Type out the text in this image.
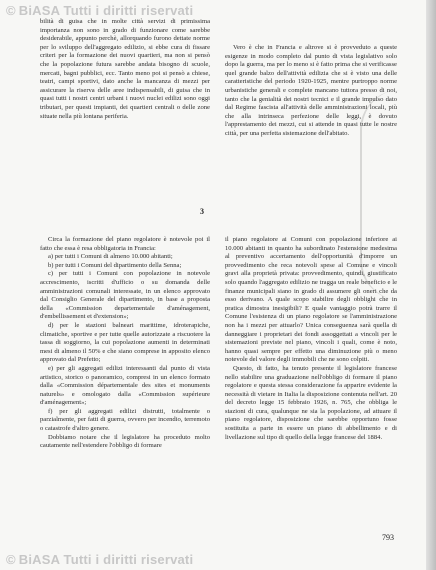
© BiASA Tutti i diritti riservati

bilità di guisa che in molte città servizi di primissima importanza non sono in grado di funzionare come sarebbe desiderabile, appunto perchè, allorquando furono dettate norme per lo sviluppo dell'aggregato edilizio, si ebbe cura di fissare criteri per la formazione dei nuovi quartieri, ma non si pensò che la popolazione futura sarebbe andata bisogno di scuole, mercati, bagni pubblici, ecc. Tanto meno poi si pensò a chiese, teatri, campi sportivi, dato anche la mancanza di mezzi per assicurare la riserva delle aree indispensabili, di guisa che in quasi tutti i nostri centri urbani i nuovi nuclei edilizi sono oggi tributari, per questi impianti, dei quartieri centrali o delle zone situate nella più lontana periferia.

Vero è che in Francia e altrove si è provveduto a queste esigenze in modo completo dal punto di vista legislativo solo dopo la guerra, ma per lo meno si è fatto prima che si verificasse quel grande balzo dell'attività edilizia che si è visto una delle caratteristiche del periodo 1920-1925, mentre purtroppo norme urbanistiche generali e complete mancano tuttora presso di noi, tanto che la genialità dei nostri tecnici e il grande impulso dato dal Regime fascista all'attività delle amministrazioni locali, più che alla intrinseca perfezione delle leggi, è dovuto l'apprestamento dei mezzi, cui si attende in quasi tutte le nostre città, per una perfetta sistemazione dell'abitato.

3

Circa la formazione del piano regolatore è notevole poi il fatto che essa è resa obbligatoria in Francia:

a) per tutti i Comuni di almeno 10.000 abitanti;

b) per tutti i Comuni del dipartimento della Senna;

c) per tutti i Comuni con popolazione in notevole accrescimento, iscritti d'ufficio o su domanda delle amministrazioni comunali interessate, in un elenco approvato dal Consiglio Generale del dipartimento, in base a proposta della «Commission departementale d'aménagement, d'embellissement et d'extension»;

d) per le stazioni balneari marittime, idroterapiche, climatiche, sportive e per tutte quelle autorizzate a riscuotere la tassa di soggiorno, la cui popolazione aumenti in determinati mesi di almeno il 50% e che siano comprese in apposito elenco approvato dal Prefetto;

e) per gli aggregati edilizi interessanti dal punto di vista artistico, storico o panoramico, compresi in un elenco formato dalla «Commission départementale des sites et monuments naturels» e omologato dalla «Commission supérieure d'aménagement»;

f) per gli aggregati edilizi distrutti, totalmente o parzialmente, per fatti di guerra, ovvero per incendio, terremoto o catastrofe d'altro genere.

Dobbiamo notare che il legislatore ha proceduto molto cautamente nell'estendere l'obbligo di formare

il piano regolatore ai Comuni con popolazione inferiore ai 10.000 abitanti in quanto ha subordinato l'estensione medesima al preventivo accertamento dell'opportunità d'imporre un provvedimento che reca notevoli spese al Comune e vincoli gravi alla proprietà privata: provvedimento, quindi, giustificato solo quando l'aggregato edilizio ne tragga un reale beneficio e le finanze municipali siano in grado di assumere gli oneri che da esso derivano. A quale scopo stabilire degli obblighi che in pratica dimostra inesigibili? E quale vantaggio potrà trarre il Comune l'esistenza di un piano regolatore se l'amministrazione non ha i mezzi per attuarlo? Unica conseguenza sarà quella di danneggiare i proprietari dei fondi assoggettati a vincoli per le sistemazioni previste nel piano, vincoli i quali, come è noto, hanno quasi sempre per effetto una diminuzione più o meno notevole del valore degli immobili che ne sono colpiti.

Questo, di fatto, ha tenuto presente il legislatore francese nello stabilire una graduazione nell'obbligo di formare il piano regolatore e questa stessa considerazione fa apparire evidente la necessità di vietare in Italia la disposizione contenuta nell'art. 20 del decreto legge 15 febbraio 1926, n. 765, che obbliga le stazioni di cura, qualunque ne sia la popolazione, ad attuare il piano regolatore, disposizione che sarebbe opportuno fosse sostituita a parte in essere un piano di abbellimento e di livellazione sul tipo di quello della legge francese del 1884.

793
© BiASA Tutti i diritti riservati
